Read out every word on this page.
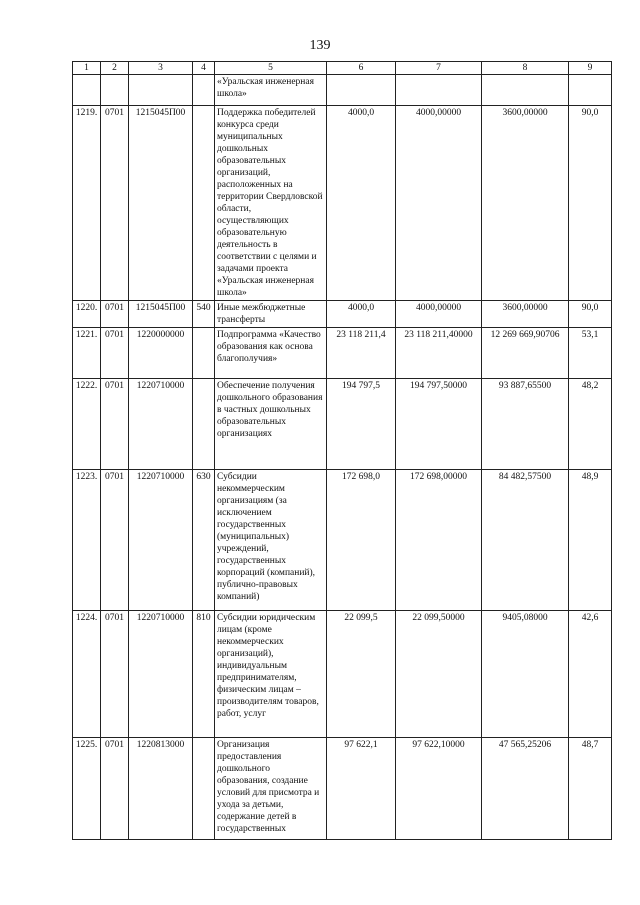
139
1	2	3	4	5	6	7	8	9
				«Уральская инженерная школа»				
1219.	0701	1215045П00		Поддержка победителей конкурса среди муниципальных дошкольных образовательных организаций, расположенных на территории Свердловской области, осуществляющих образовательную деятельность в соответствии с целями и задачами проекта «Уральская инженерная школа»	4000,0	4000,00000	3600,00000	90,0
1220.	0701	1215045П00	540	Иные межбюджетные трансферты	4000,0	4000,00000	3600,00000	90,0
1221.	0701	1220000000		Подпрограмма «Качество образования как основа благополучия»	23 118 211,4	23 118 211,40000	12 269 669,90706	53,1
1222.	0701	1220710000		Обеспечение получения дошкольного образования в частных дошкольных образовательных организациях	194 797,5	194 797,50000	93 887,65500	48,2
1223.	0701	1220710000	630	Субсидии некоммерческим организациям (за исключением государственных (муниципальных) учреждений, государственных корпораций (компаний), публично-правовых компаний)	172 698,0	172 698,00000	84 482,57500	48,9
1224.	0701	1220710000	810	Субсидии юридическим лицам (кроме некоммерческих организаций), индивидуальным предпринимателям, физическим лицам – производителям товаров, работ, услуг	22 099,5	22 099,50000	9405,08000	42,6
1225.	0701	1220813000		Организация предоставления дошкольного образования, создание условий для присмотра и ухода за детьми, содержание детей в государственных	97 622,1	97 622,10000	47 565,25206	48,7
